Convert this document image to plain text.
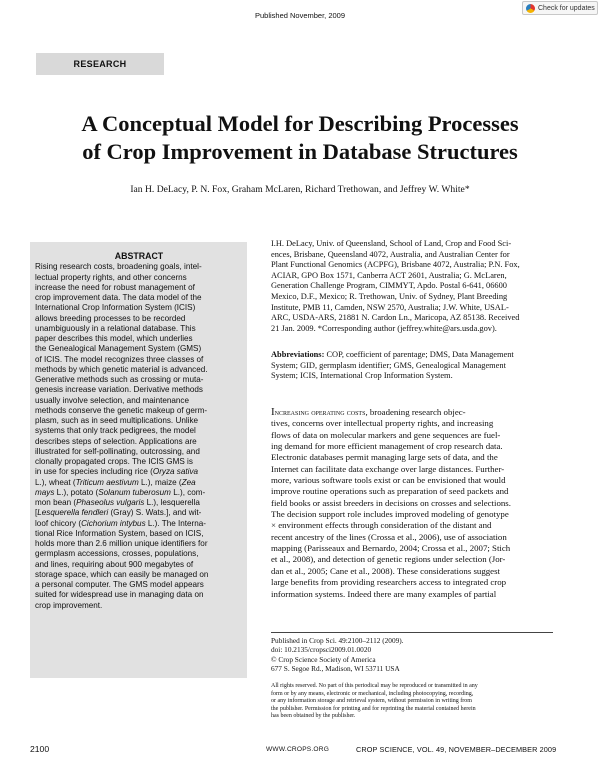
Published November, 2009
Check for updates
RESEARCH
A Conceptual Model for Describing Processes
of Crop Improvement in Database Structures
Ian H. DeLacy, P. N. Fox, Graham McLaren, Richard Trethowan, and Jeffrey W. White*
ABSTRACT
Rising research costs, broadening goals, intel-
lectual property rights, and other concerns
increase the need for robust management of
crop improvement data. The data model of the
International Crop Information System (ICIS)
allows breeding processes to be recorded
unambiguously in a relational database. This
paper describes this model, which underlies
the Genealogical Management System (GMS)
of ICIS. The model recognizes three classes of
methods by which genetic material is advanced.
Generative methods such as crossing or muta-
genesis increase variation. Derivative methods
usually involve selection, and maintenance
methods conserve the genetic makeup of germ-
plasm, such as in seed multiplications. Unlike
systems that only track pedigrees, the model
describes steps of selection. Applications are
illustrated for self-pollinating, outcrossing, and
clonally propagated crops. The ICIS GMS is
in use for species including rice (Oryza sativa
L.), wheat (Triticum aestivum L.), maize (Zea
mays L.), potato (Solanum tuberosum L.), com-
mon bean (Phaseolus vulgaris L.), lesquerella
[Lesquerella fendleri (Gray) S. Wats.], and wit-
loof chicory (Cichorium intybus L.). The Interna-
tional Rice Information System, based on ICIS,
holds more than 2.6 million unique identifiers for
germplasm accessions, crosses, populations,
and lines, requiring about 900 megabytes of
storage space, which can easily be managed on
a personal computer. The GMS model appears
suited for widespread use in managing data on
crop improvement.
I.H. DeLacy, Univ. of Queensland, School of Land, Crop and Food Sci-
ences, Brisbane, Queensland 4072, Australia, and Australian Center for
Plant Functional Genomics (ACPFG), Brisbane 4072, Australia; P.N. Fox,
ACIAR, GPO Box 1571, Canberra ACT 2601, Australia; G. McLaren,
Generation Challenge Program, CIMMYT, Apdo. Postal 6-641, 06600
Mexico, D.F., Mexico; R. Trethowan, Univ. of Sydney, Plant Breeding
Institute, PMB 11, Camden, NSW 2570, Australia; J.W. White, USAL-
ARC, USDA-ARS, 21881 N. Cardon Ln., Maricopa, AZ 85138. Received
21 Jan. 2009. *Corresponding author (jeffrey.white@ars.usda.gov).
Abbreviations: COP, coefficient of parentage; DMS, Data Management
System; GID, germplasm identifier; GMS, Genealogical Management
System; ICIS, International Crop Information System.
Increasing operating costs, broadening research objec-
tives, concerns over intellectual property rights, and increasing
flows of data on molecular markers and gene sequences are fuel-
ing demand for more efficient management of crop research data.
Electronic databases permit managing large sets of data, and the
Internet can facilitate data exchange over large distances. Further-
more, various software tools exist or can be envisioned that would
improve routine operations such as preparation of seed packets and
field books or assist breeders in decisions on crosses and selections.
The decision support role includes improved modeling of genotype
× environment effects through consideration of the distant and
recent ancestry of the lines (Crossa et al., 2006), use of association
mapping (Parisseaux and Bernardo, 2004; Crossa et al., 2007; Stich
et al., 2008), and detection of genetic regions under selection (Jor-
dan et al., 2005; Cane et al., 2008). These considerations suggest
large benefits from providing researchers access to integrated crop
information systems. Indeed there are many examples of partial
Published in Crop Sci. 49:2100–2112 (2009).
doi: 10.2135/cropsci2009.01.0020
© Crop Science Society of America
677 S. Segoe Rd., Madison, WI 53711 USA
All rights reserved. No part of this periodical may be reproduced or transmitted in any
form or by any means, electronic or mechanical, including photocopying, recording,
or any information storage and retrieval system, without permission in writing from
the publisher. Permission for printing and for reprinting the material contained herein
has been obtained by the publisher.
2100	WWW.CROPS.ORG	CROP SCIENCE, VOL. 49, NOVEMBER–DECEMBER 2009
